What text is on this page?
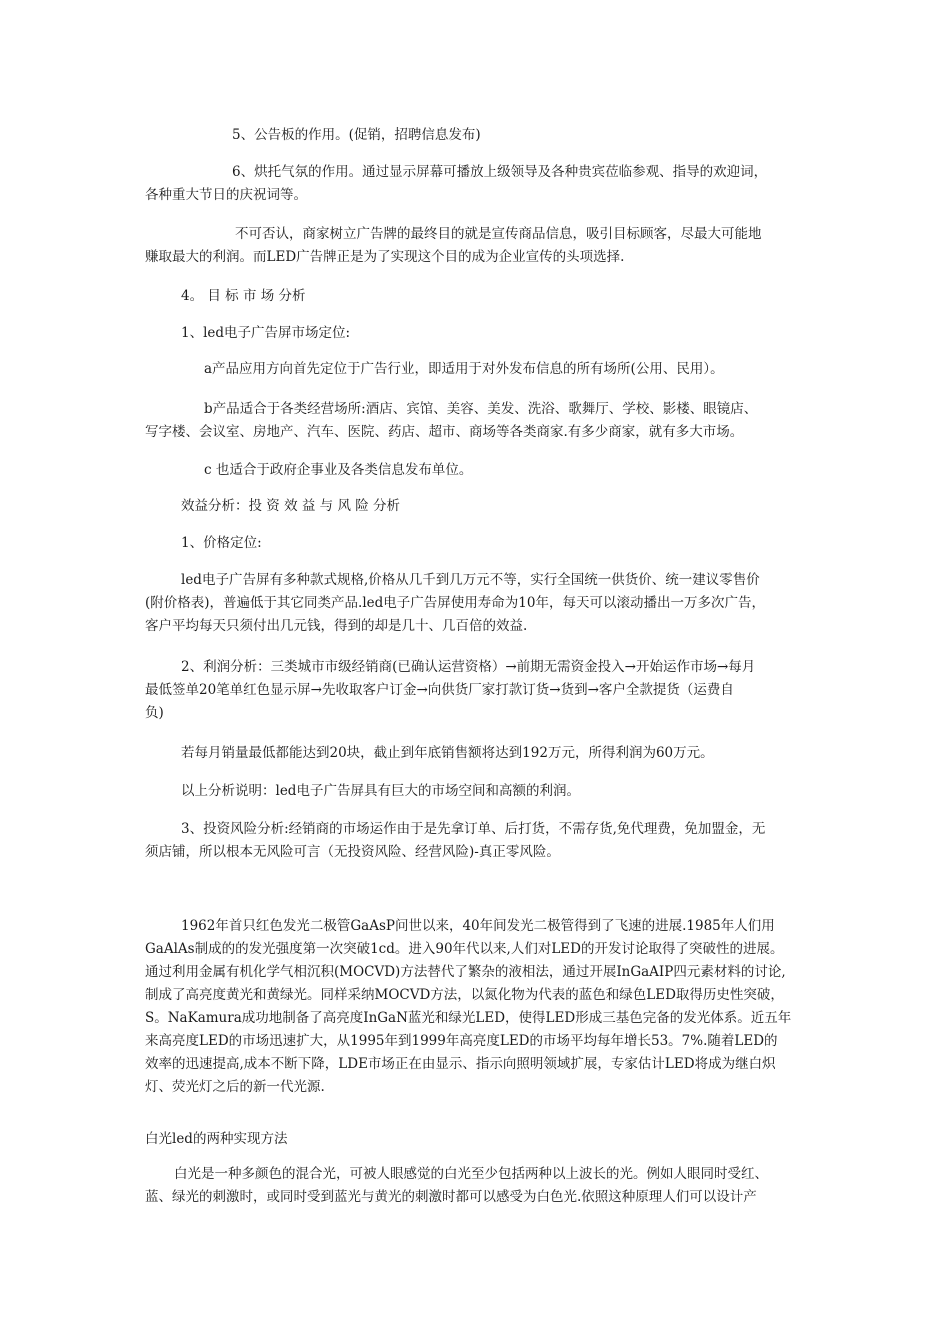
5、公告板的作用。(促销，招聘信息发布)

6、烘托气氛的作用。通过显示屏幕可播放上级领导及各种贵宾莅临参观、指导的欢迎词，
各种重大节日的庆祝词等。

不可否认，商家树立广告牌的最终目的就是宣传商品信息，吸引目标顾客，尽最大可能地
赚取最大的利润。而LED广告牌正是为了实现这个目的成为企业宣传的头项选择.

4。 目 标 市 场 分析

1、led电子广告屏市场定位:

a产品应用方向首先定位于广告行业，即适用于对外发布信息的所有场所(公用、民用）。

b产品适合于各类经营场所:酒店、宾馆、美容、美发、洗浴、歌舞厅、学校、影楼、眼镜店、
写字楼、会议室、房地产、汽车、医院、药店、超市、商场等各类商家.有多少商家，就有多大市场。

c 也适合于政府企事业及各类信息发布单位。

效益分析：投 资 效 益 与 风 险 分析

1、价格定位:

led电子广告屏有多种款式规格,价格从几千到几万元不等，实行全国统一供货价、统一建议零售价
(附价格表)，普遍低于其它同类产品.led电子广告屏使用寿命为10年，每天可以滚动播出一万多次广告，
客户平均每天只须付出几元钱，得到的却是几十、几百倍的效益.

2、利润分析：三类城市市级经销商(已确认运营资格）→前期无需资金投入→开始运作市场→每月
最低签单20笔单红色显示屏→先收取客户订金→向供货厂家打款订货→货到→客户全款提货（运费自
负)

若每月销量最低都能达到20块，截止到年底销售额将达到192万元，所得利润为60万元。

以上分析说明：led电子广告屏具有巨大的市场空间和高额的利润。

3、投资风险分析:经销商的市场运作由于是先拿订单、后打货，不需存货,免代理费，免加盟金，无
须店铺，所以根本无风险可言（无投资风险、经营风险)-真正零风险。

1962年首只红色发光二极管GaAsP问世以来，40年间发光二极管得到了飞速的进展.1985年人们用
GaAlAs制成的的发光强度第一次突破1cd。进入90年代以来,人们对LED的开发讨论取得了突破性的进展。
通过利用金属有机化学气相沉积(MOCVD)方法替代了繁杂的液相法，通过开展InGaAIP四元素材料的讨论,
制成了高亮度黄光和黄绿光。同样采纳MOCVD方法，以氮化物为代表的蓝色和绿色LED取得历史性突破，
S。NaKamura成功地制备了高亮度InGaN蓝光和绿光LED，使得LED形成三基色完备的发光体系。近五年
来高亮度LED的市场迅速扩大，从1995年到1999年高亮度LED的市场平均每年增长53。7%.随着LED的
效率的迅速提高,成本不断下降，LDE市场正在由显示、指示向照明领域扩展，专家估计LED将成为继白炽
灯、荧光灯之后的新一代光源.

白光led的两种实现方法

白光是一种多颜色的混合光，可被人眼感觉的白光至少包括两种以上波长的光。例如人眼同时受红、
蓝、绿光的刺激时，或同时受到蓝光与黄光的刺激时都可以感受为白色光.依照这种原理人们可以设计产
